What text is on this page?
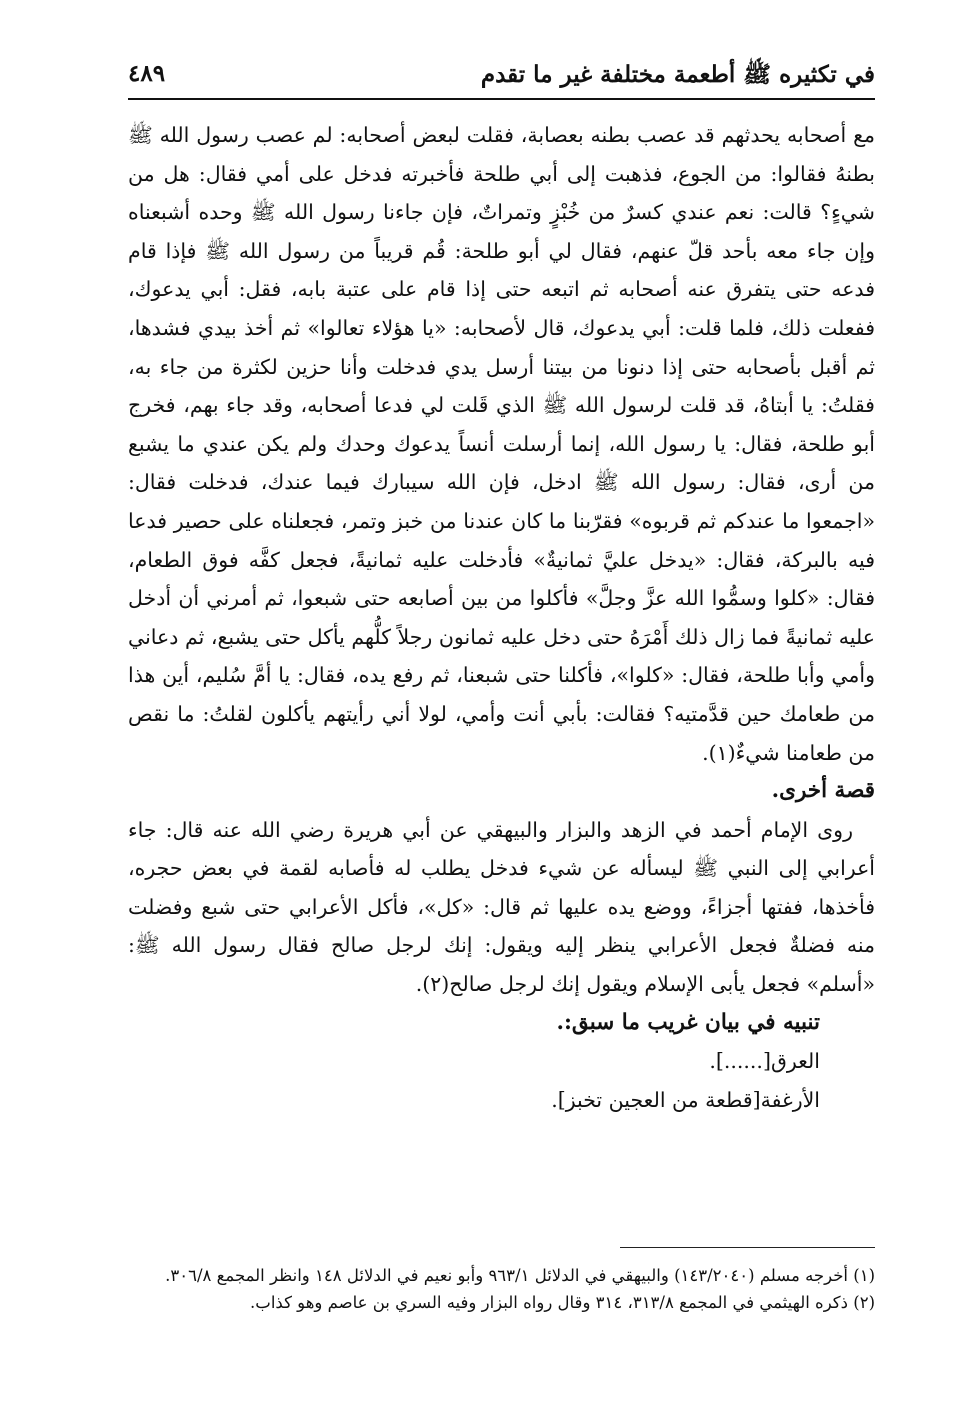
في تكثيره ﷺ أطعمة مختلفة غير ما تقدم
٤٨٩

مع أصحابه يحدثهم قد عصب بطنه بعصابة، فقلت لبعض أصحابه: لم عصب رسول الله ﷺ بطنهُ فقالوا: من الجوع، فذهبت إلى أبي طلحة فأخبرته فدخل على أمي فقال: هل من شيءٍ؟ قالت: نعم عندي كسرٌ من خُبْزٍ وتمراتٌ، فإن جاءنا رسول الله ﷺ وحده أشبعناه وإن جاء معه بأحد قلّ عنهم، فقال لي أبو طلحة: قُم قريباً من رسول الله ﷺ فإذا قام فدعه حتى يتفرق عنه أصحابه ثم اتبعه حتى إذا قام على عتبة بابه، فقل: أبي يدعوك، ففعلت ذلك، فلما قلت: أبي يدعوك، قال لأصحابه: «يا هؤلاء تعالوا» ثم أخذ بيدي فشدها، ثم أقبل بأصحابه حتى إذا دنونا من بيتنا أرسل يدي فدخلت وأنا حزين لكثرة من جاء به، فقلتُ: يا أبتاهُ، قد قلت لرسول الله ﷺ الذي قَلت لي فدعا أصحابه، وقد جاء بهم، فخرج أبو طلحة، فقال: يا رسول الله، إنما أرسلت أنساً يدعوك وحدك ولم يكن عندي ما يشبع من أرى، فقال: رسول الله ﷺ ادخل، فإن الله سيبارك فيما عندك، فدخلت فقال: «اجمعوا ما عندكم ثم قربوه» فقرّبنا ما كان عندنا من خبز وتمر، فجعلناه على حصير فدعا فيه بالبركة، فقال: «يدخل عليَّ ثمانيةٌ» فأدخلت عليه ثمانيةً، فجعل كفَّه فوق الطعام، فقال: «كلوا وسمُّوا الله عزَّ وجلَّ» فأكلوا من بين أصابعه حتى شبعوا، ثم أمرني أن أدخل عليه ثمانيةً فما زال ذلك أَمْرَهُ حتى دخل عليه ثمانون رجلاً كلُّهم يأكل حتى يشبع، ثم دعاني وأمي وأبا طلحة، فقال: «كلوا»، فأكلنا حتى شبعنا، ثم رفع يده، فقال: يا أمَّ سُليم، أين هذا من طعامك حين قدَّمتيه؟ فقالت: بأبي أنت وأمي، لولا أني رأيتهم يأكلون لقلتُ: ما نقص من طعامنا شيءٌ(١).

قصة أخرى.

روى الإمام أحمد في الزهد والبزار والبيهقي عن أبي هريرة رضي الله عنه قال: جاء أعرابي إلى النبي ﷺ ليسأله عن شيء فدخل يطلب له فأصابه لقمة في بعض حجره، فأخذها، ففتها أجزاءً، ووضع يده عليها ثم قال: «كل»، فأكل الأعرابي حتى شبع وفضلت منه فضلةٌ فجعل الأعرابي ينظر إليه ويقول: إنك لرجل صالح فقال رسول الله ﷺ: «أسلم» فجعل يأبى الإسلام ويقول إنك لرجل صالح(٢).

تنبيه في بيان غريب ما سبق:.

العرق[......].

الأرغفة[قطعة من العجين تخبز].

(١) أخرجه مسلم (١٤٣/٢٠٤٠) والبيهقي في الدلائل ٩٦٣/١ وأبو نعيم في الدلائل ١٤٨ وانظر المجمع ٣٠٦/٨.

(٢) ذكره الهيثمي في المجمع ٣١٣/٨، ٣١٤ وقال رواه البزار وفيه السري بن عاصم وهو كذاب.
